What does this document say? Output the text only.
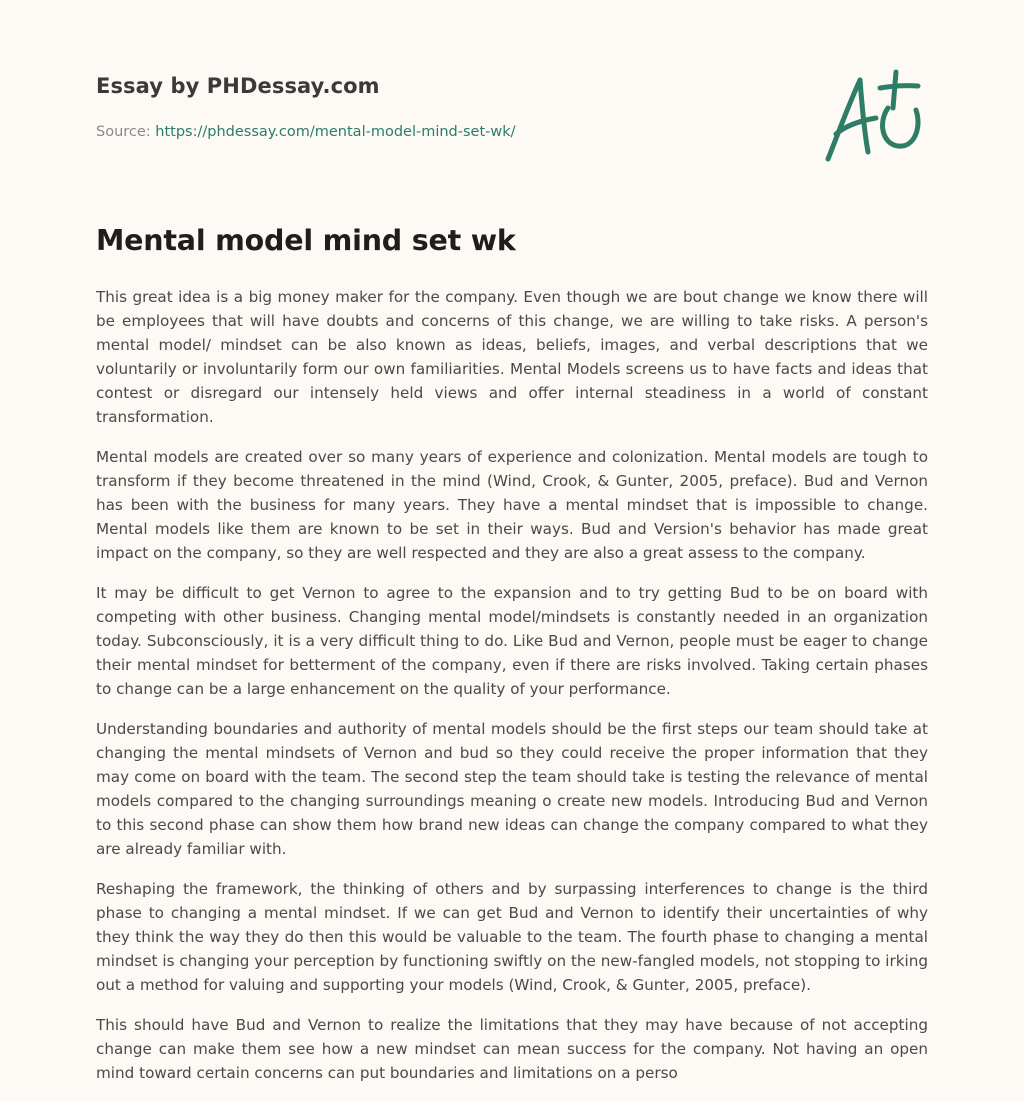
Essay by PHDessay.com
Source: https://phdessay.com/mental-model-mind-set-wk/
Mental model mind set wk

This great idea is a big money maker for the company. Even though we are bout change we know there will be employees that will have doubts and concerns of this change, we are willing to take risks. A person's mental model/ mindset can be also known as ideas, beliefs, images, and verbal descriptions that we voluntarily or involuntarily form our own familiarities. Mental Models screens us to have facts and ideas that contest or disregard our intensely held views and offer internal steadiness in a world of constant transformation.

Mental models are created over so many years of experience and colonization. Mental models are tough to transform if they become threatened in the mind (Wind, Crook, & Gunter, 2005, preface). Bud and Vernon has been with the business for many years. They have a mental mindset that is impossible to change. Mental models like them are known to be set in their ways. Bud and Version's behavior has made great impact on the company, so they are well respected and they are also a great assess to the company.

It may be difficult to get Vernon to agree to the expansion and to try getting Bud to be on board with competing with other business. Changing mental model/mindsets is constantly needed in an organization today. Subconsciously, it is a very difficult thing to do. Like Bud and Vernon, people must be eager to change their mental mindset for betterment of the company, even if there are risks involved. Taking certain phases to change can be a large enhancement on the quality of your performance.

Understanding boundaries and authority of mental models should be the first steps our team should take at changing the mental mindsets of Vernon and bud so they could receive the proper information that they may come on board with the team. The second step the team should take is testing the relevance of mental models compared to the changing surroundings meaning o create new models. Introducing Bud and Vernon to this second phase can show them how brand new ideas can change the company compared to what they are already familiar with.

Reshaping the framework, the thinking of others and by surpassing interferences to change is the third phase to changing a mental mindset. If we can get Bud and Vernon to identify their uncertainties of why they think the way they do then this would be valuable to the team. The fourth phase to changing a mental mindset is changing your perception by functioning swiftly on the new-fangled models, not stopping to irking out a method for valuing and supporting your models (Wind, Crook, & Gunter, 2005, preface).

This should have Bud and Vernon to realize the limitations that they may have because of not accepting change can make them see how a new mindset can mean success for the company. Not having an open mind toward certain concerns can put boundaries and limitations on a perso
